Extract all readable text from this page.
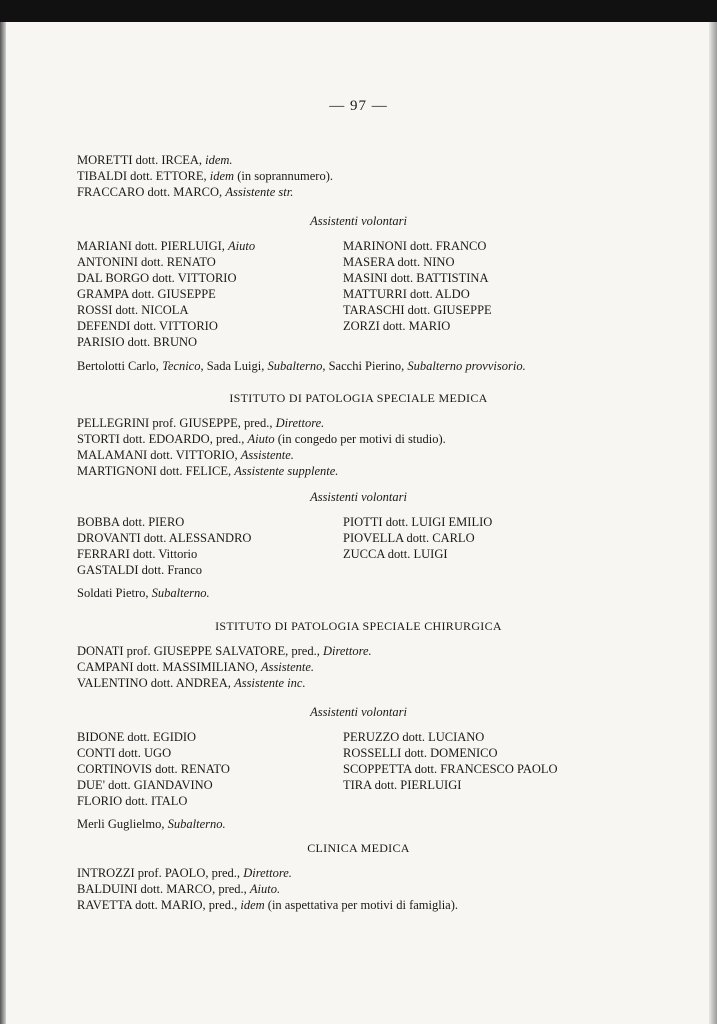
— 97 —
MORETTI dott. IRCEA, idem.
TIBALDI dott. ETTORE, idem (in soprannumero).
FRACCARO dott. MARCO, Assistente str.
Assistenti volontari
MARIANI dott. PIERLUIGI, Aiuto
ANTONINI dott. RENATO
DAL BORGO dott. VITTORIO
GRAMPA dott. GIUSEPPE
ROSSI dott. NICOLA
DEFENDI dott. VITTORIO
PARISIO dott. BRUNO
MARINONI dott. FRANCO
MASERA dott. NINO
MASINI dott. BATTISTINA
MATTURRI dott. ALDO
TARASCHI dott. GIUSEPPE
ZORZI dott. MARIO
Bertolotti Carlo, Tecnico, Sada Luigi, Subalterno, Sacchi Pierino, Subalterno provvisorio.
ISTITUTO DI PATOLOGIA SPECIALE MEDICA
PELLEGRINI prof. GIUSEPPE, pred., Direttore.
STORTI dott. EDOARDO, pred., Aiuto (in congedo per motivi di studio).
MALAMANI dott. VITTORIO, Assistente.
MARTIGNONI dott. FELICE, Assistente supplente.
Assistenti volontari
BOBBA dott. PIERO
DROVANTI dott. ALESSANDRO
FERRARI dott. Vittorio
GASTALDI dott. Franco
PIOTTI dott. LUIGI EMILIO
PIOVELLA dott. CARLO
ZUCCA dott. LUIGI
Soldati Pietro, Subalterno.
ISTITUTO DI PATOLOGIA SPECIALE CHIRURGICA
DONATI prof. GIUSEPPE SALVATORE, pred., Direttore.
CAMPANI dott. MASSIMILIANO, Assistente.
VALENTINO dott. ANDREA, Assistente inc.
Assistenti volontari
BIDONE dott. EGIDIO
CONTI dott. UGO
CORTINOVIS dott. RENATO
DUE' dott. GIANDAVINO
FLORIO dott. ITALO
PERUZZO dott. LUCIANO
ROSSELLI dott. DOMENICO
SCOPPETTA dott. FRANCESCO PAOLO
TIRA dott. PIERLUIGI
Merli Guglielmo, Subalterno.
CLINICA MEDICA
INTROZZI prof. PAOLO, pred., Direttore.
BALDUINI dott. MARCO, pred., Aiuto.
RAVETTA dott. MARIO, pred., idem (in aspettativa per motivi di famiglia).
